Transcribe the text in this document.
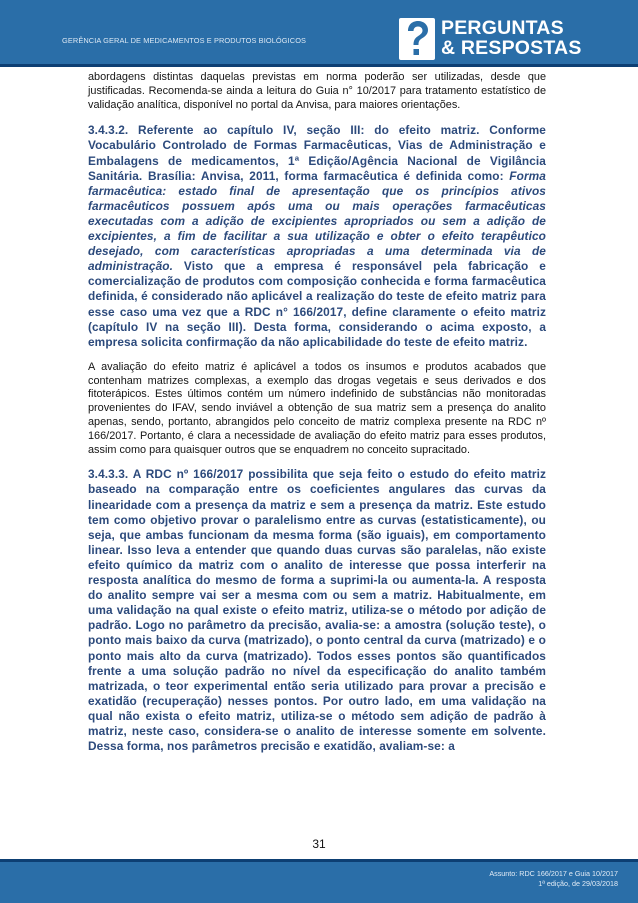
GERÊNCIA GERAL DE MEDICAMENTOS E PRODUTOS BIOLÓGICOS
PERGUNTAS
& RESPOSTAS

abordagens distintas daquelas previstas em norma poderão ser utilizadas, desde que justificadas. Recomenda-se ainda a leitura do Guia n° 10/2017 para tratamento estatístico de validação analítica, disponível no portal da Anvisa, para maiores orientações.

3.4.3.2. Referente ao capítulo IV, seção III: do efeito matriz. Conforme Vocabulário Controlado de Formas Farmacêuticas, Vias de Administração e Embalagens de medicamentos, 1ª Edição/Agência Nacional de Vigilância Sanitária. Brasília: Anvisa, 2011, forma farmacêutica é definida como: Forma farmacêutica: estado final de apresentação que os princípios ativos farmacêuticos possuem após uma ou mais operações farmacêuticas executadas com a adição de excipientes apropriados ou sem a adição de excipientes, a fim de facilitar a sua utilização e obter o efeito terapêutico desejado, com características apropriadas a uma determinada via de administração. Visto que a empresa é responsável pela fabricação e comercialização de produtos com composição conhecida e forma farmacêutica definida, é considerado não aplicável a realização do teste de efeito matriz para esse caso uma vez que a RDC n° 166/2017, define claramente o efeito matriz (capítulo IV na seção III). Desta forma, considerando o acima exposto, a empresa solicita confirmação da não aplicabilidade do teste de efeito matriz.

A avaliação do efeito matriz é aplicável a todos os insumos e produtos acabados que contenham matrizes complexas, a exemplo das drogas vegetais e seus derivados e dos fitoterápicos. Estes últimos contém um número indefinido de substâncias não monitoradas provenientes do IFAV, sendo inviável a obtenção de sua matriz sem a presença do analito apenas, sendo, portanto, abrangidos pelo conceito de matriz complexa presente na RDC nº 166/2017. Portanto, é clara a necessidade de avaliação do efeito matriz para esses produtos, assim como para quaisquer outros que se enquadrem no conceito supracitado.

3.4.3.3. A RDC nº 166/2017 possibilita que seja feito o estudo do efeito matriz baseado na comparação entre os coeficientes angulares das curvas da linearidade com a presença da matriz e sem a presença da matriz. Este estudo tem como objetivo provar o paralelismo entre as curvas (estatisticamente), ou seja, que ambas funcionam da mesma forma (são iguais), em comportamento linear. Isso leva a entender que quando duas curvas são paralelas, não existe efeito químico da matriz com o analito de interesse que possa interferir na resposta analítica do mesmo de forma a suprimi-la ou aumenta-la. A resposta do analito sempre vai ser a mesma com ou sem a matriz. Habitualmente, em uma validação na qual existe o efeito matriz, utiliza-se o método por adição de padrão. Logo no parâmetro da precisão, avalia-se: a amostra (solução teste), o ponto mais baixo da curva (matrizado), o ponto central da curva (matrizado) e o ponto mais alto da curva (matrizado). Todos esses pontos são quantificados frente a uma solução padrão no nível da especificação do analito também matrizada, o teor experimental então seria utilizado para provar a precisão e exatidão (recuperação) nesses pontos. Por outro lado, em uma validação na qual não exista o efeito matriz, utiliza-se o método sem adição de padrão à matriz, neste caso, considera-se o analito de interesse somente em solvente. Dessa forma, nos parâmetros precisão e exatidão, avaliam-se: a

31
Assunto: RDC 166/2017 e Guia 10/2017
1ª edição, de 29/03/2018
